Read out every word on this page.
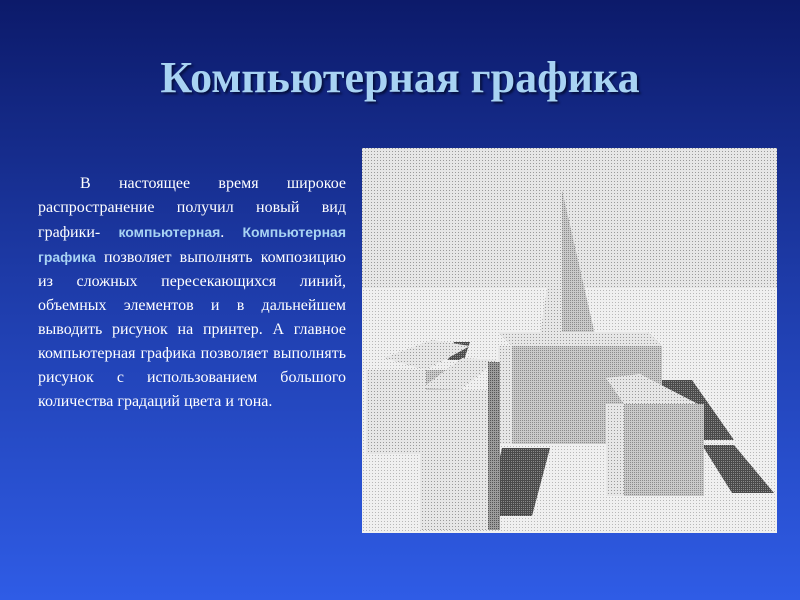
Компьютерная графика
В настоящее время широкое распространение получил новый вид графики- компьютерная. Компьютерная графика позволяет выполнять композицию из сложных пересекающихся линий, объемных элементов и в дальнейшем выводить рисунок на принтер. А главное компьютерная графика позволяет выполнять рисунок с использованием большого количества градаций цвета и тона.
